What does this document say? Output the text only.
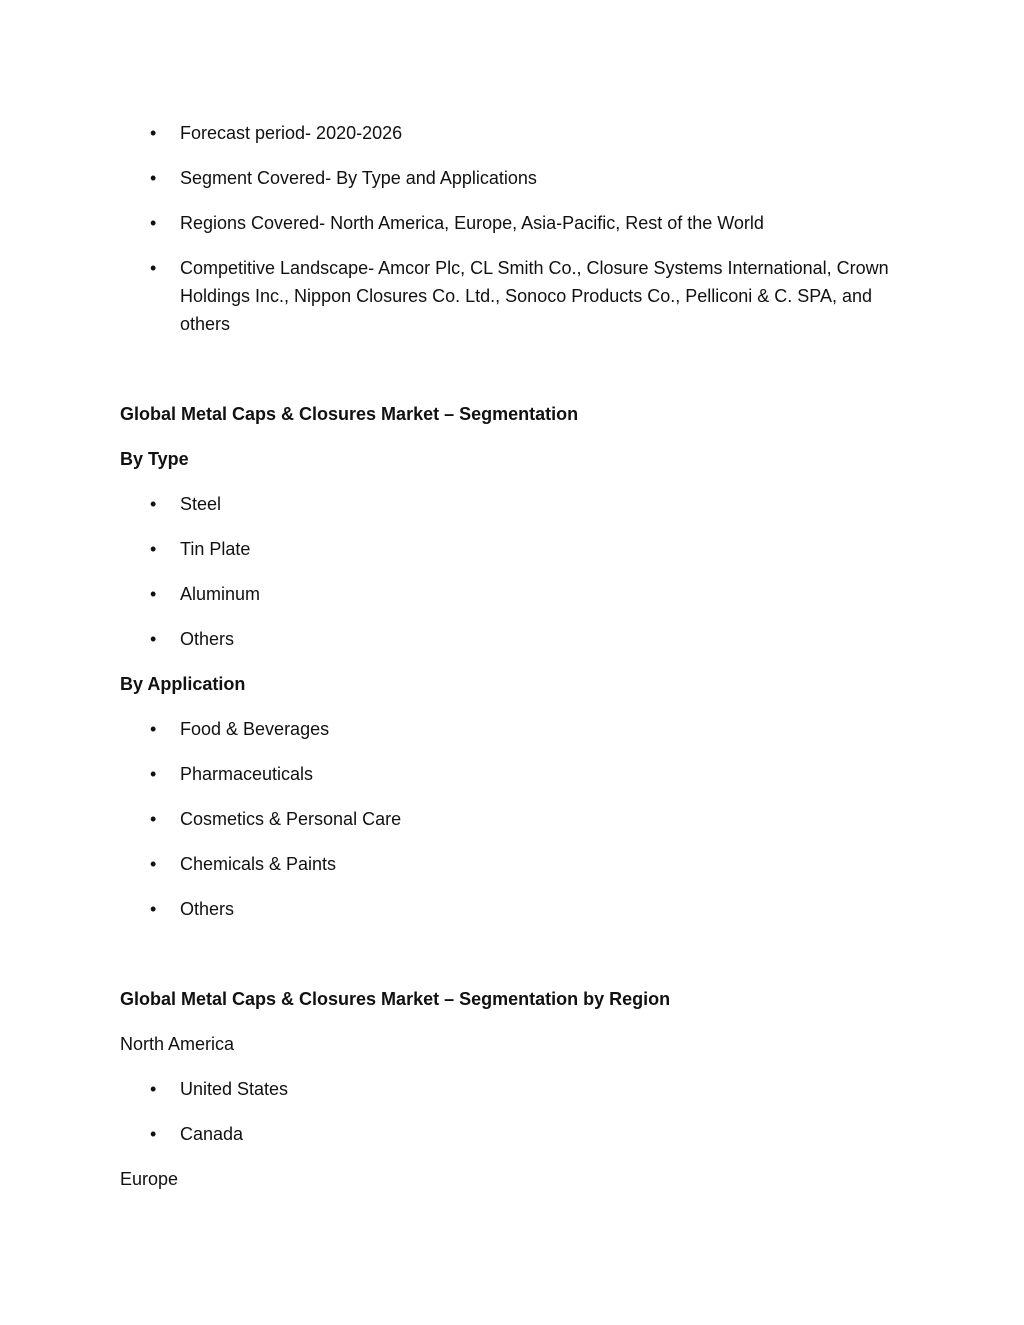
• Forecast period- 2020-2026
• Segment Covered- By Type and Applications
• Regions Covered- North America, Europe, Asia-Pacific, Rest of the World
• Competitive Landscape- Amcor Plc, CL Smith Co., Closure Systems International, Crown Holdings Inc., Nippon Closures Co. Ltd., Sonoco Products Co., Pelliconi & C. SPA, and others
Global Metal Caps & Closures Market – Segmentation
By Type
• Steel
• Tin Plate
• Aluminum
• Others
By Application
• Food & Beverages
• Pharmaceuticals
• Cosmetics & Personal Care
• Chemicals & Paints
• Others
Global Metal Caps & Closures Market – Segmentation by Region

North America

• United States
• Canada

Europe
